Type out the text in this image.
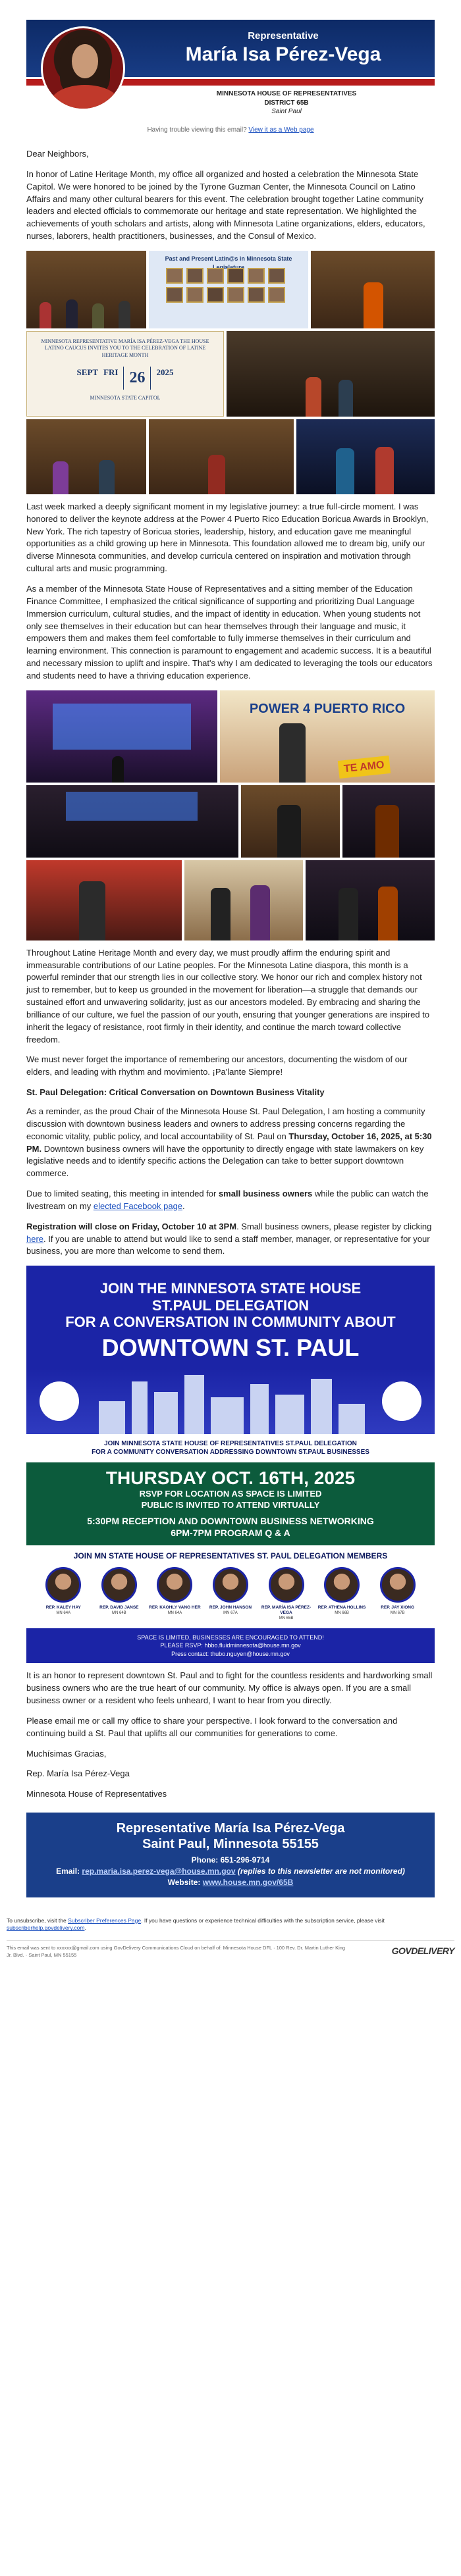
Representative
María Isa Pérez-Vega
MINNESOTA HOUSE OF REPRESENTATIVES
DISTRICT 65B
Saint Paul
Having trouble viewing this email? View it as a Web page

Dear Neighbors,

In honor of Latine Heritage Month, my office all organized and hosted a celebration the Minnesota State Capitol. We were honored to be joined by the Tyrone Guzman Center, the Minnesota Council on Latino Affairs and many other cultural bearers for this event. The celebration brought together Latine community leaders and elected officials to commemorate our heritage and state representation. We highlighted the achievements of youth scholars and artists, along with Minnesota Latine organizations, elders, educators, nurses, laborers, health practitioners, businesses, and the Consul of Mexico.

Past and Present Latin@s in Minnesota State
MINNESOTA REPRESENTATIVE MARÍA ISA PÉREZ-VEGA THE HOUSE LATINO CAUCUS INVITES YOU TO THE CELEBRATION OF LATINE HERITAGE MONTH
SEPT FRI 26	2025
MINNESOTA STATE CAPITOL

Last week marked a deeply significant moment in my legislative journey: a true full-circle moment. I was honored to deliver the keynote address at the Power 4 Puerto Rico Education Boricua Awards in Brooklyn, New York. The rich tapestry of Boricua stories, leadership, history, and education gave me meaningful opportunities as a child growing up here in Minnesota. This foundation allowed me to dream big, unify our diverse Minnesota communities, and develop curricula centered on inspiration and motivation through cultural arts and music programming.

As a member of the Minnesota State House of Representatives and a sitting member of the Education Finance Committee, I emphasized the critical significance of supporting and prioritizing Dual Language Immersion curriculum, cultural studies, and the impact of identity in education. When young students not only see themselves in their education but can hear themselves through their language and music, it empowers them and makes them feel comfortable to fully immerse themselves in their curriculum and learning environment. This connection is paramount to engagement and academic success. It is a beautiful and necessary mission to uplift and inspire. That's why I am dedicated to leveraging the tools our educators and students need to have a thriving education experience.

POWER 4 PUERTO RICO
TE AMO

Throughout Latine Heritage Month and every day, we must proudly affirm the enduring spirit and immeasurable contributions of our Latine peoples. For the Minnesota Latine diaspora, this month is a powerful reminder that our strength lies in our collective story. We honor our rich and complex history not just to remember, but to keep us grounded in the movement for liberation—a struggle that demands our sustained effort and unwavering solidarity, just as our ancestors modeled. By embracing and sharing the brilliance of our culture, we fuel the passion of our youth, ensuring that younger generations are inspired to inherit the legacy of resistance, root firmly in their identity, and continue the march toward collective freedom.

We must never forget the importance of remembering our ancestors, documenting the wisdom of our elders, and leading with rhythm and movimiento. ¡Pa'lante Siempre!

St. Paul Delegation: Critical Conversation on Downtown Business Vitality

As a reminder, as the proud Chair of the Minnesota House St. Paul Delegation, I am hosting a community discussion with downtown business leaders and owners to address pressing concerns regarding the economic vitality, public policy, and local accountability of St. Paul on Thursday, October 16, 2025, at 5:30 PM. Downtown business owners will have the opportunity to directly engage with state lawmakers on key legislative needs and to identify specific actions the Delegation can take to better support downtown commerce.

Due to limited seating, this meeting in intended for small business owners while the public can watch the livestream on my elected Facebook page.

Registration will close on Friday, October 10 at 3PM. Small business owners, please register by clicking here. If you are unable to attend but would like to send a staff member, manager, or representative for your business, you are more than welcome to send them.

JOIN THE MINNESOTA STATE HOUSE
ST.PAUL DELEGATION
FOR A CONVERSATION IN COMMUNITY ABOUT
DOWNTOWN ST. PAUL
JOIN MINNESOTA STATE HOUSE OF REPRESENTATIVES ST.PAUL DELEGATION
FOR A COMMUNITY CONVERSATION ADDRESSING DOWNTOWN ST.PAUL BUSINESSES
THURSDAY OCT. 16TH, 2025
RSVP FOR LOCATION AS SPACE IS LIMITED
PUBLIC IS INVITED TO ATTEND VIRTUALLY
5:30PM RECEPTION AND DOWNTOWN BUSINESS NETWORKING
6PM-7PM PROGRAM Q & A
JOIN MN STATE HOUSE OF REPRESENTATIVES ST. PAUL DELEGATION MEMBERS
REP. KALEY HAY
MN 64A
REP. DAVID JANSE
MN 64B
REP. KAOHLY VANG HER
MN 64A
REP. JOHN HANSON
MN 67A
REP. MARÍA ISA PÉREZ-VEGA
MN 65B
REP. ATHENA HOLLINS
MN 66B
REP. JAY XIONG
MN 67B
SPACE IS LIMITED, BUSINESSES ARE ENCOURAGED TO ATTEND!
PLEASE RSVP: hbbo.fluidminnesota@house.mn.gov
Press contact: thubo.nguyen@house.mn.gov

It is an honor to represent downtown St. Paul and to fight for the countless residents and hardworking small business owners who are the true heart of our community. My office is always open. If you are a small business owner or a resident who feels unheard, I want to hear from you directly.

Please email me or call my office to share your perspective. I look forward to the conversation and continuing build a St. Paul that uplifts all our communities for generations to come.

Muchísimas Gracias,

Rep. María Isa Pérez-Vega

Minnesota House of Representatives

Representative María Isa Pérez-Vega
Saint Paul, Minnesota 55155
Phone: 651-296-9714
Email: rep.maria.isa.perez-vega@house.mn.gov (replies to this newsletter are not monitored)
Website: www.house.mn.gov/65B
To unsubscribe, visit the Subscriber Preferences Page. If you have questions or experience technical difficulties with the subscription service, please visit subscriberhelp.govdelivery.com.
This email was sent to xxxxxx@gmail.com using GovDelivery Communications Cloud on behalf of: Minnesota House DFL · 100 Rev. Dr. Martin Luther King Jr. Blvd. · Saint Paul, MN 55155	GOVDELIVERY
